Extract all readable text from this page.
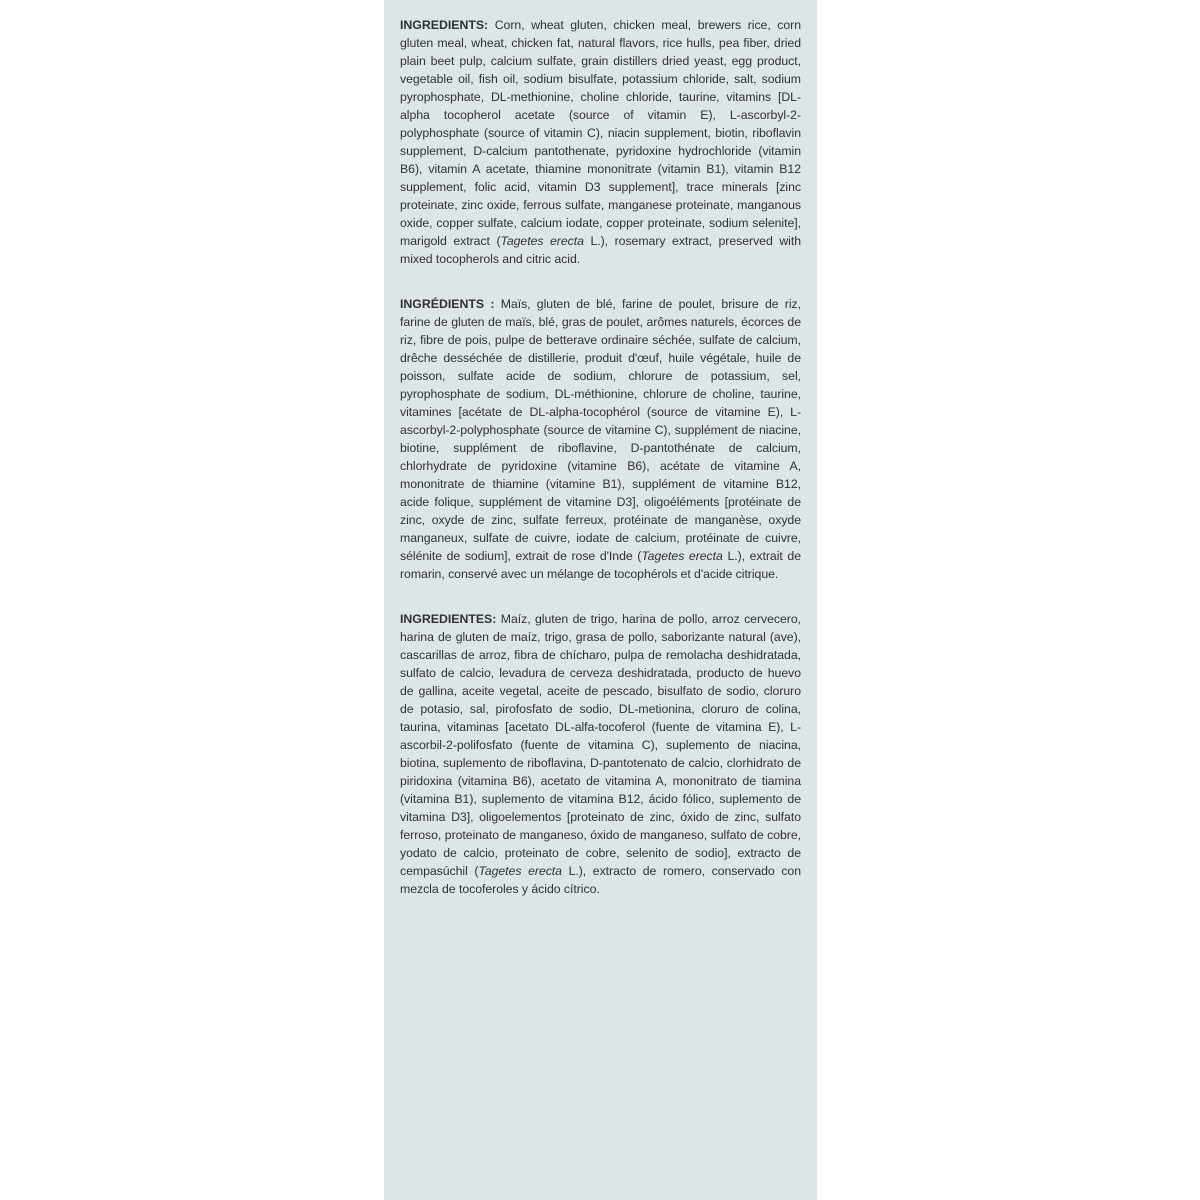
INGREDIENTS: Corn, wheat gluten, chicken meal, brewers rice, corn gluten meal, wheat, chicken fat, natural flavors, rice hulls, pea fiber, dried plain beet pulp, calcium sulfate, grain distillers dried yeast, egg product, vegetable oil, fish oil, sodium bisulfate, potassium chloride, salt, sodium pyrophosphate, DL-methionine, choline chloride, taurine, vitamins [DL-alpha tocopherol acetate (source of vitamin E), L-ascorbyl-2-polyphosphate (source of vitamin C), niacin supplement, biotin, riboflavin supplement, D-calcium pantothenate, pyridoxine hydrochloride (vitamin B6), vitamin A acetate, thiamine mononitrate (vitamin B1), vitamin B12 supplement, folic acid, vitamin D3 supplement], trace minerals [zinc proteinate, zinc oxide, ferrous sulfate, manganese proteinate, manganous oxide, copper sulfate, calcium iodate, copper proteinate, sodium selenite], marigold extract (Tagetes erecta L.), rosemary extract, preserved with mixed tocopherols and citric acid.

INGRÉDIENTS : Maïs, gluten de blé, farine de poulet, brisure de riz, farine de gluten de maïs, blé, gras de poulet, arômes naturels, écorces de riz, fibre de pois, pulpe de betterave ordinaire séchée, sulfate de calcium, drêche desséchée de distillerie, produit d'œuf, huile végétale, huile de poisson, sulfate acide de sodium, chlorure de potassium, sel, pyrophosphate de sodium, DL-méthionine, chlorure de choline, taurine, vitamines [acétate de DL-alpha-tocophérol (source de vitamine E), L-ascorbyl-2-polyphosphate (source de vitamine C), supplément de niacine, biotine, supplément de riboflavine, D-pantothénate de calcium, chlorhydrate de pyridoxine (vitamine B6), acétate de vitamine A, mononitrate de thiamine (vitamine B1), supplément de vitamine B12, acide folique, supplément de vitamine D3], oligoéléments [protéinate de zinc, oxyde de zinc, sulfate ferreux, protéinate de manganèse, oxyde manganeux, sulfate de cuivre, iodate de calcium, protéinate de cuivre, sélénite de sodium], extrait de rose d'Inde (Tagetes erecta L.), extrait de romarin, conservé avec un mélange de tocophérols et d'acide citrique.

INGREDIENTES: Maíz, gluten de trigo, harina de pollo, arroz cervecero, harina de gluten de maíz, trigo, grasa de pollo, saborizante natural (ave), cascarillas de arroz, fibra de chícharo, pulpa de remolacha deshidratada, sulfato de calcio, levadura de cerveza deshidratada, producto de huevo de gallina, aceite vegetal, aceite de pescado, bisulfato de sodio, cloruro de potasio, sal, pirofosfato de sodio, DL-metionina, cloruro de colina, taurina, vitaminas [acetato DL-alfa-tocoferol (fuente de vitamina E), L-ascorbil-2-polifosfato (fuente de vitamina C), suplemento de niacina, biotina, suplemento de riboflavina, D-pantotenato de calcio, clorhidrato de piridoxina (vitamina B6), acetato de vitamina A, mononitrato de tiamina (vitamina B1), suplemento de vitamina B12, ácido fólico, suplemento de vitamina D3], oligoelementos [proteinato de zinc, óxido de zinc, sulfato ferroso, proteinato de manganeso, óxido de manganeso, sulfato de cobre, yodato de calcio, proteinato de cobre, selenito de sodio], extracto de cempasúchil (Tagetes erecta L.), extracto de romero, conservado con mezcla de tocoferoles y ácido cítrico.
